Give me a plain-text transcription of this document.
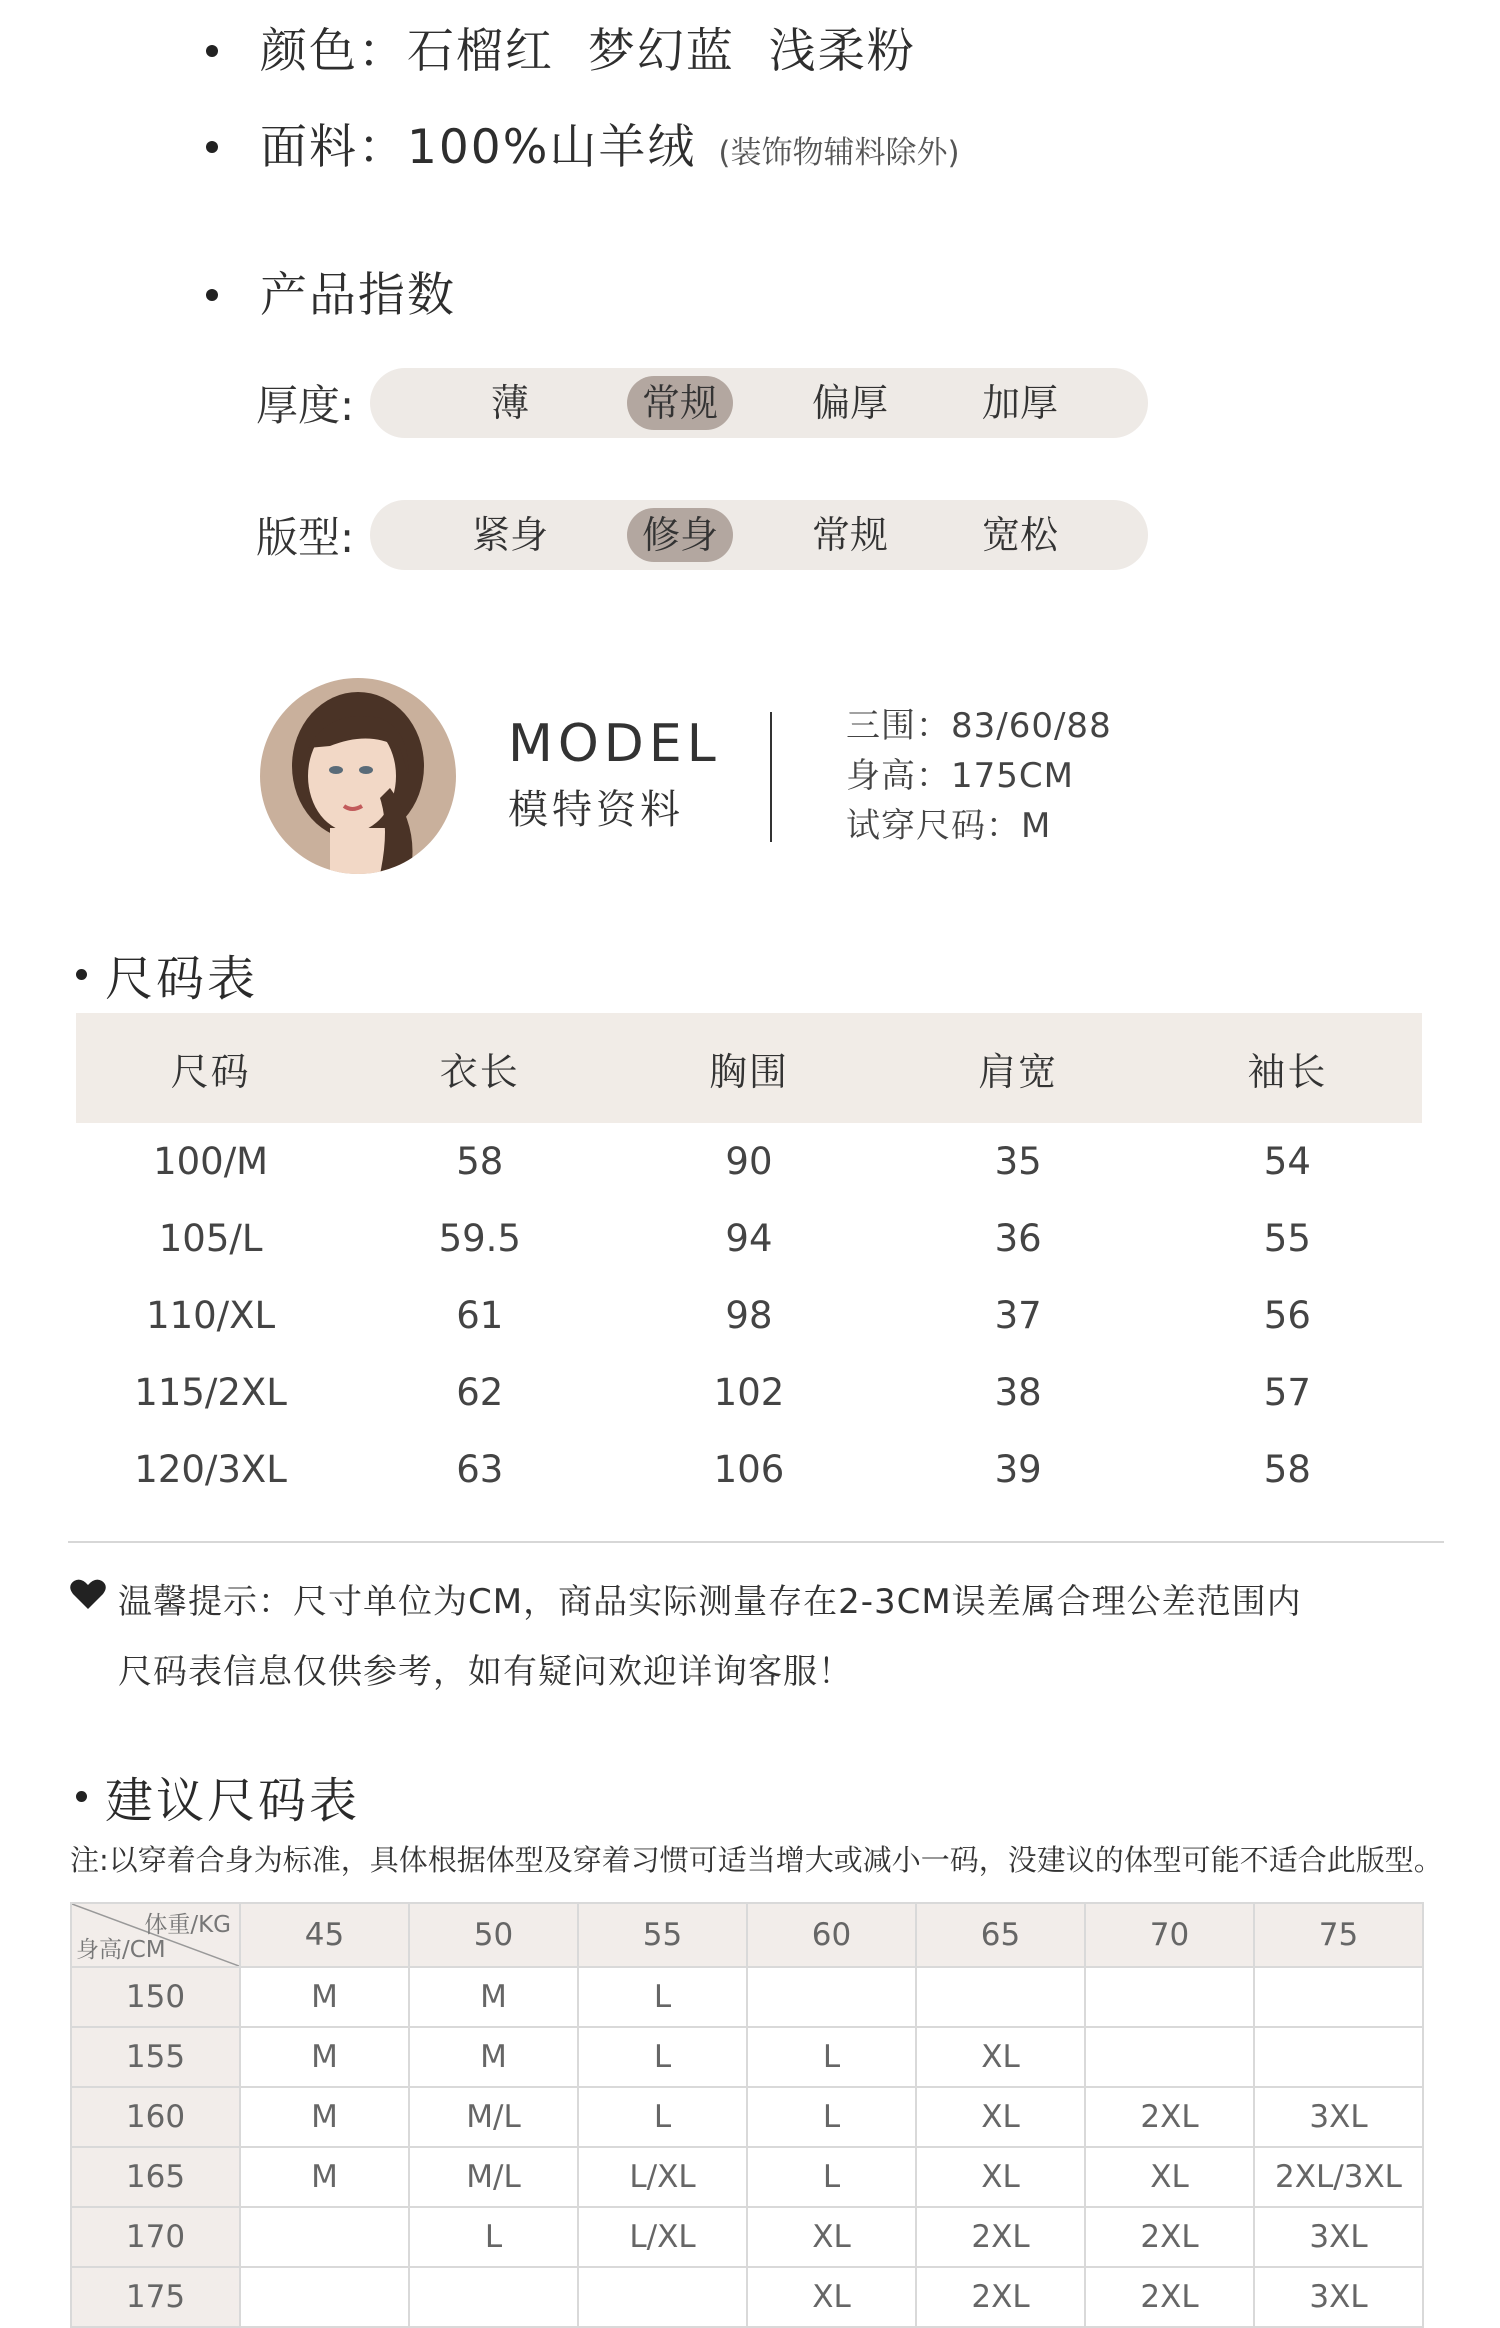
颜色： 石榴红  梦幻蓝  浅柔粉
面料： 100%山羊绒 (装饰物辅料除外)
产品指数
厚度:	薄	常规	偏厚	加厚
版型:	紧身	修身	常规	宽松
MODEL
模特资料
三围：83/60/88
身高：175CM
试穿尺码：M
尺码表
尺码	衣长	胸围	肩宽	袖长
100/M	58	90	35	54
105/L	59.5	94	36	55
110/XL	61	98	37	56
115/2XL	62	102	38	57
120/3XL	63	106	39	58
温馨提示：尺寸单位为CM，商品实际测量存在2-3CM误差属合理公差范围内
尺码表信息仅供参考，如有疑问欢迎详询客服！
建议尺码表
注:以穿着合身为标准，具体根据体型及穿着习惯可适当增大或减小一码，没建议的体型可能不适合此版型。
体重/KG
身高/CM	45	50	55	60	65	70	75
150	M	M	L				
155	M	M	L	L	XL		
160	M	M/L	L	L	XL	2XL	3XL
165	M	M/L	L/XL	L	XL	XL	2XL/3XL
170		L	L/XL	XL	2XL	2XL	3XL
175				XL	2XL	2XL	3XL
